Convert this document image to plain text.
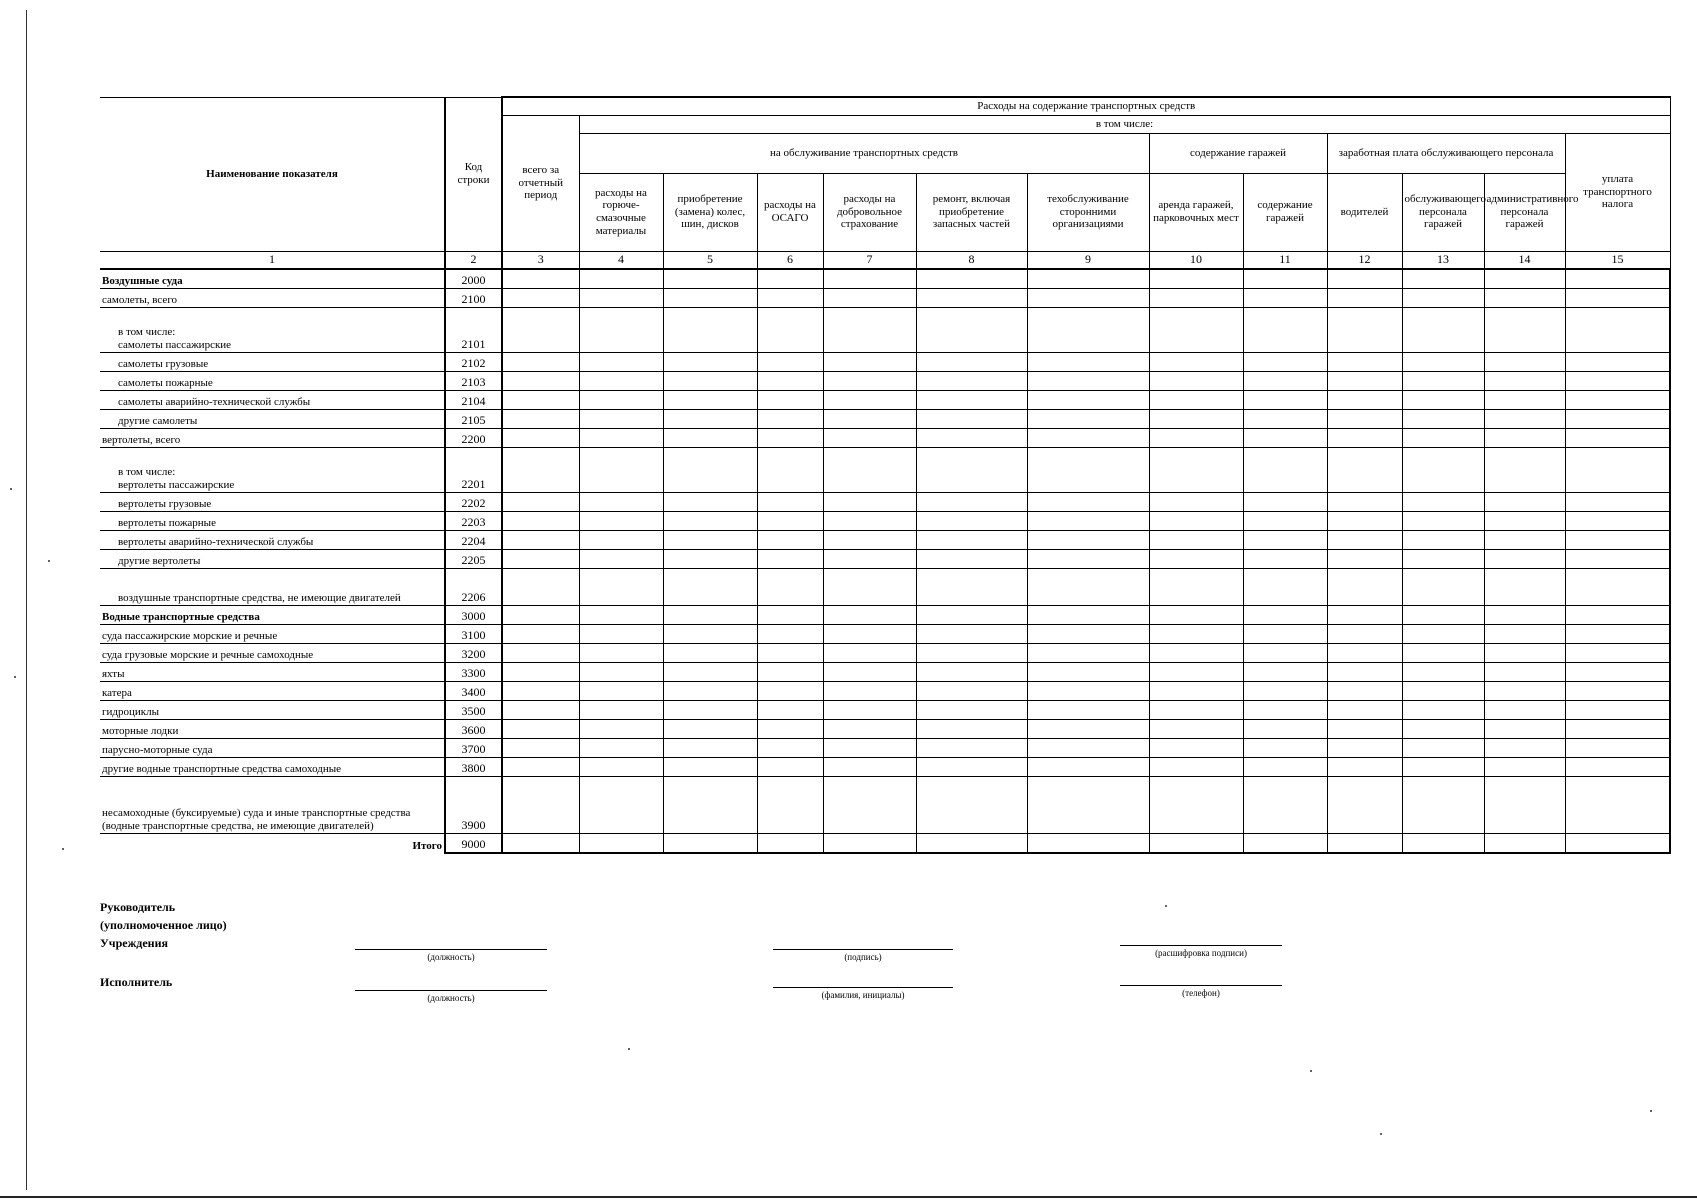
Наименование показателя	Код строки	Расходы на содержание транспортных средств												
		всего за отчетный период	в том числе:											
			на обслуживание транспортных средств						содержание гаражей		заработная плата обслуживающего персонала			уплата транспортного налога
			расходы на горюче-смазочные материалы	приобретение (замена) колес, шин, дисков	расходы на ОСАГО	расходы на добровольное страхование	ремонт, включая приобретение запасных частей	техобслуживание сторонними организациями	аренда гаражей, парковочных мест	содержание гаражей	водителей	обслуживающего персонала гаражей	административного персонала гаражей	
1	2	3	4	5	6	7	8	9	10	11	12	13	14	15

Воздушные суда	2000													

самолеты, всего	2100													

в том числе:
самолеты пассажирские	2101													

самолеты грузовые	2102													

самолеты пожарные	2103													

самолеты аварийно-технической службы	2104													

другие самолеты	2105													

вертолеты, всего	2200													

в том числе:
вертолеты пассажирские	2201													

вертолеты грузовые	2202													

вертолеты пожарные	2203													

вертолеты аварийно-технической службы	2204													

другие вертолеты	2205													

воздушные транспортные средства, не имеющие двигателей	2206													

Водные транспортные средства	3000													

суда пассажирские морские и речные	3100													

суда грузовые морские и речные самоходные	3200													

яхты	3300													

катера	3400													

гидроциклы	3500													

моторные лодки	3600													

парусно-моторные суда	3700													

другие водные транспортные средства самоходные	3800													

несамоходные (буксируемые) суда и иные транспортные средства (водные транспортные средства, не имеющие двигателей)	3900													

Итого	9000													
Руководитель
(уполномоченное лицо)
Учреждения
(должность)	(подпись)	(расшифровка подписи)
Исполнитель
(должность)	(фамилия, инициалы)	(телефон)
